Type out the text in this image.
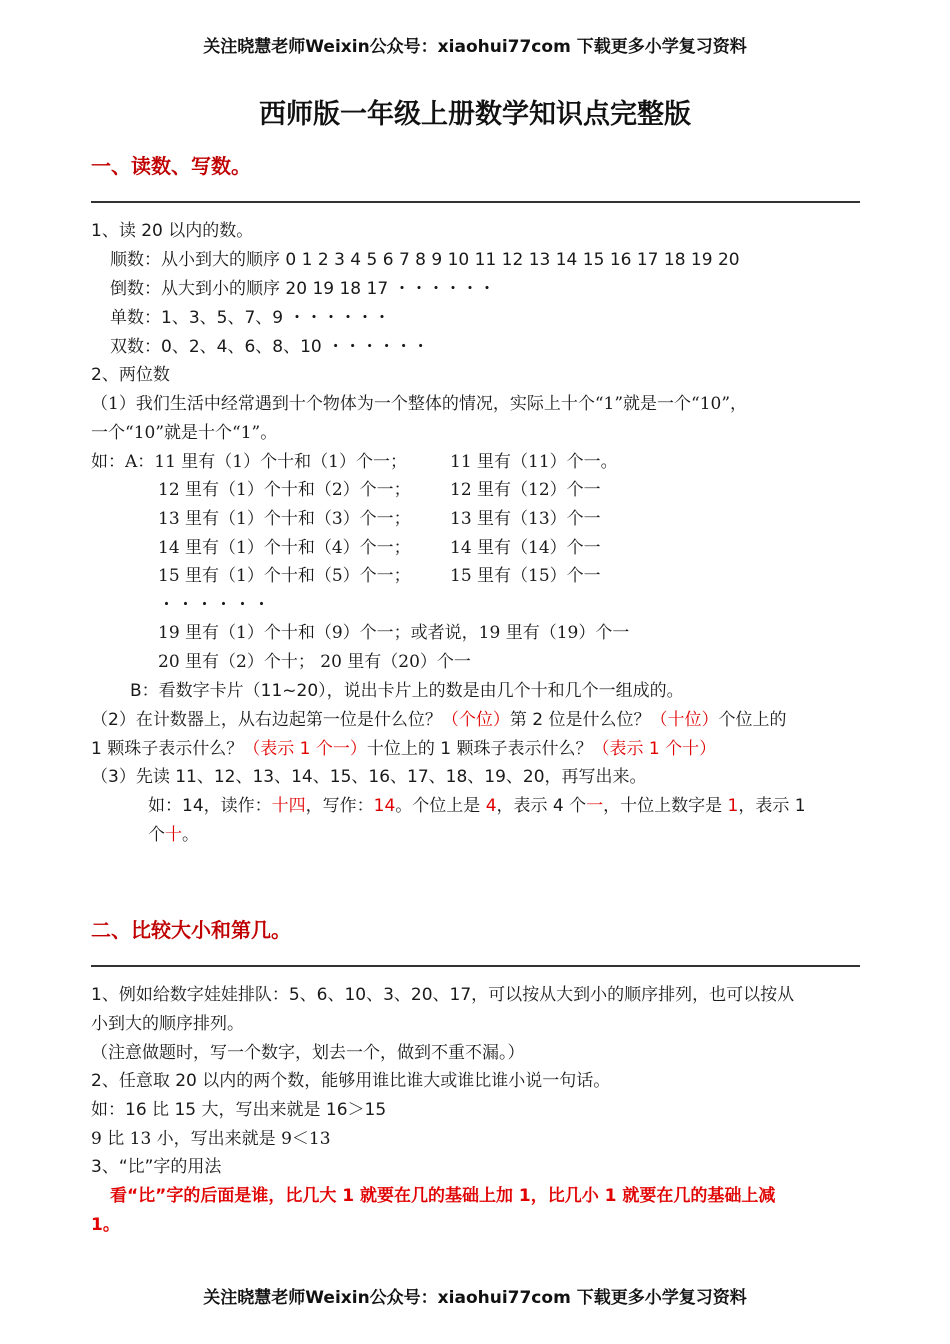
关注晓慧老师Weixin公众号：xiaohui77com 下载更多小学复习资料
西师版一年级上册数学知识点完整版
一、读数、写数。
1、读 20 以内的数。
顺数：从小到大的顺序 0 1 2 3 4 5 6 7 8 9 10 11 12 13 14 15 16 17 18 19 20
倒数：从大到小的顺序 20 19 18 17 ・・・・・・
单数：1、3、5、7、9 ・・・・・・
双数：0、2、4、6、8、10 ・・・・・・
2、两位数
（1）我们生活中经常遇到十个物体为一个整体的情况，实际上十个“1”就是一个“10”，
一个“10”就是十个“1”。
如：A：11 里有（1）个十和（1）个一；	11 里有（11）个一。
12 里有（1）个十和（2）个一； 12 里有（12）个一
13 里有（1）个十和（3）个一； 13 里有（13）个一
14 里有（1）个十和（4）个一； 14 里有（14）个一
15 里有（1）个十和（5）个一； 15 里有（15）个一
・・・・・・
19 里有（1）个十和（9）个一；或者说，19 里有（19）个一
20 里有（2）个十； 20 里有（20）个一
B：看数字卡片（11~20），说出卡片上的数是由几个十和几个一组成的。
（2）在计数器上，从右边起第一位是什么位？（个位）第 2 位是什么位？（十位）个位上的
1 颗珠子表示什么？（表示 1 个一）十位上的 1 颗珠子表示什么？（表示 1 个十）
（3）先读 11、12、13、14、15、16、17、18、19、20，再写出来。
如：14，读作：十四，写作：14。个位上是 4，表示 4 个一，十位上数字是 1，表示 1
个十。
二、比较大小和第几。
1、例如给数字娃娃排队：5、6、10、3、20、17，可以按从大到小的顺序排列，也可以按从
小到大的顺序排列。
（注意做题时，写一个数字，划去一个，做到不重不漏。）
2、任意取 20 以内的两个数，能够用谁比谁大或谁比谁小说一句话。
如：16 比 15 大，写出来就是 16＞15
9 比 13 小，写出来就是 9＜13
3、“比”字的用法
看“比”字的后面是谁，比几大 1 就要在几的基础上加 1，比几小 1 就要在几的基础上减
1。
关注晓慧老师Weixin公众号：xiaohui77com 下载更多小学复习资料
